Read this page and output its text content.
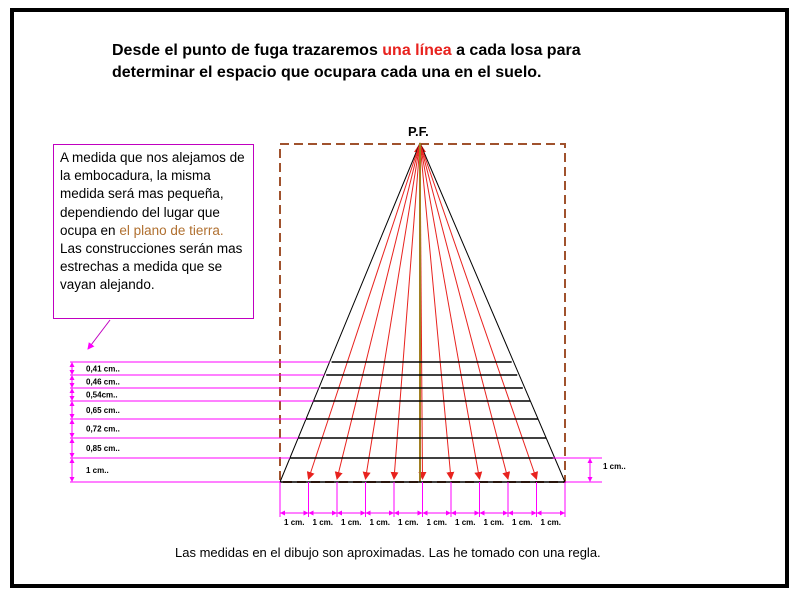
Desde el punto de fuga trazaremos una línea a cada losa para
determinar el espacio que ocupara cada una en el suelo.
A medida que nos alejamos de la embocadura, la misma medida será mas pequeña, dependiendo del lugar que ocupa en el plano de tierra.
Las construcciones serán mas estrechas a medida que se vayan alejando.
P.F.
1 cm. 1 cm. 1 cm. 1 cm. 1 cm. 1 cm. 1 cm. 1 cm. 1 cm. 1 cm.
0,41 cm..
0,46 cm..
0,54cm..
0,65 cm..
0,72 cm..
0,85 cm..
1 cm..	1 cm..
Las medidas en el dibujo son aproximadas. Las he tomado con una regla.
